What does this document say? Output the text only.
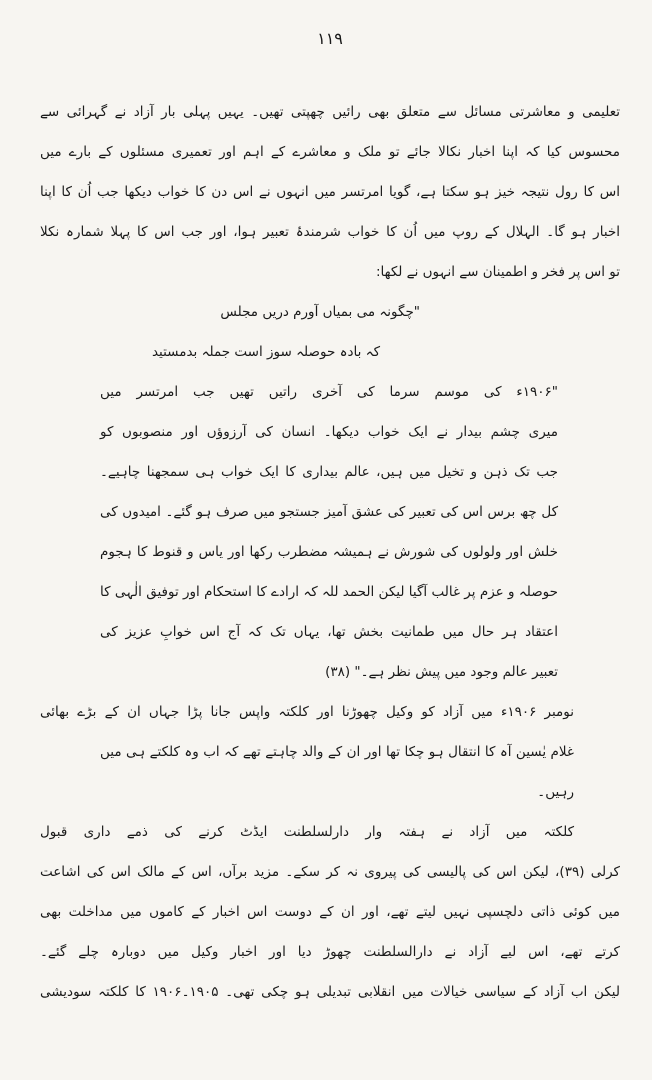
۱۱۹
تعلیمی و معاشرتی مسائل سے متعلق بھی رائیں چھپتی تھیں۔ یہیں پہلی بار آزاد نے گہرائی سے
محسوس کیا کہ اپنا اخبار نکالا جائے تو ملک و معاشرے کے اہم اور تعمیری مسئلوں کے بارے میں
اس کا رول نتیجہ خیز ہو سکتا ہے، گویا امرتسر میں انہوں نے اس دن کا خواب دیکھا جب اُن کا اپنا
اخبار ہو گا۔ الہلال کے روپ میں اُن کا خواب شرمندۂ تعبیر ہوا، اور جب اس کا پہلا شمارہ نکلا
تو اس پر فخر و اطمینان سے انہوں نے لکھا:
"چگونہ می بمیاں آورم دریں مجلس
کہ بادہ حوصلہ سوز است جملہ بدمستید
"۱۹۰۶ء کی موسم سرما کی آخری راتیں تھیں جب امرتسر میں
میری چشم بیدار نے ایک خواب دیکھا۔ انسان کی آرزوؤں اور منصوبوں کو
جب تک ذہن و تخیل میں ہیں، عالم بیداری کا ایک خواب ہی سمجھنا چاہیے۔
کل چھ برس اس کی تعبیر کی عشق آمیز جستجو میں صرف ہو گئے۔ امیدوں کی
خلش اور ولولوں کی شورش نے ہمیشہ مضطرب رکھا اور یاس و قنوط کا ہجوم
حوصلہ و عزم پر غالب آگیا لیکن الحمد للہ کہ ارادے کا استحکام اور توفیق الٰہی کا
اعتقاد ہر حال میں طمانیت بخش تھا، یہاں تک کہ آج اس خوابِ عزیز کی
تعبیر عالم وجود میں پیش نظر ہے۔" (۳۸)
نومبر ۱۹۰۶ء میں آزاد کو وکیل چھوڑنا اور کلکتہ واپس جانا پڑا جہاں ان کے بڑے بھائی
غلام یٰسین آہ کا انتقال ہو چکا تھا اور ان کے والد چاہتے تھے کہ اب وہ کلکتے ہی میں رہیں۔
کلکتہ میں آزاد نے ہفتہ وار دارلسلطنت ایڈٹ کرنے کی ذمے داری قبول
کرلی (۳۹)، لیکن اس کی پالیسی کی پیروی نہ کر سکے۔ مزید برآں، اس کے مالک اس کی اشاعت
میں کوئی ذاتی دلچسپی نہیں لیتے تھے، اور ان کے دوست اس اخبار کے کاموں میں مداخلت بھی
کرتے تھے، اس لیے آزاد نے دارالسلطنت چھوڑ دیا اور اخبار وکیل میں دوبارہ چلے گئے۔
لیکن اب آزاد کے سیاسی خیالات میں انقلابی تبدیلی ہو چکی تھی۔ ۱۹۰۵۔۱۹۰۶ کا کلکتہ سودیشی
